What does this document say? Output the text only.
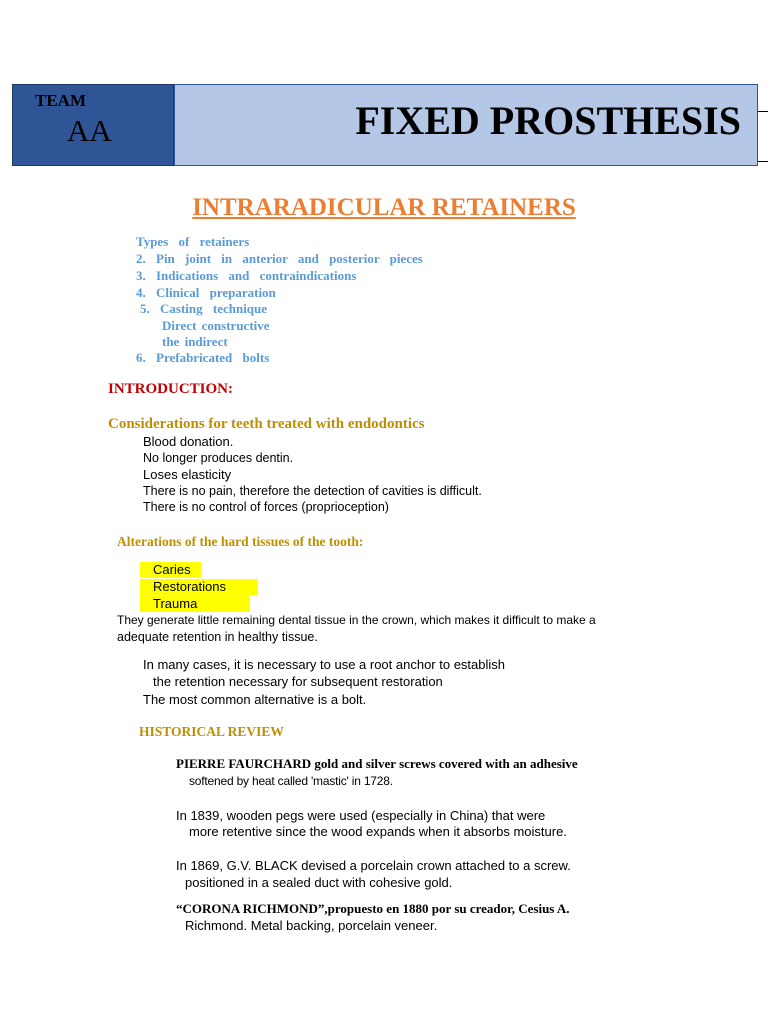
TEAM
AA	FIXED PROSTHESIS
INTRARADICULAR RETAINERS
Types of retainers
2. Pin joint in anterior and posterior pieces
3. Indications and contraindications
4. Clinical preparation
5. Casting technique
Direct constructive
the indirect
6. Prefabricated bolts
INTRODUCTION:
Considerations for teeth treated with endodontics
Blood donation.
No longer produces dentin.
Loses elasticity
There is no pain, therefore the detection of cavities is difficult.
There is no control of forces (proprioception)
Alterations of the hard tissues of the tooth:
Caries
Restorations
Trauma
They generate little remaining dental tissue in the crown, which makes it difficult to make a
adequate retention in healthy tissue.
In many cases, it is necessary to use a root anchor to establish
the retention necessary for subsequent restoration
The most common alternative is a bolt.
HISTORICAL REVIEW
PIERRE FAURCHARD gold and silver screws covered with an adhesive
softened by heat called 'mastic' in 1728.
In 1839, wooden pegs were used (especially in China) that were
more retentive since the wood expands when it absorbs moisture.
In 1869, G.V. BLACK devised a porcelain crown attached to a screw.
positioned in a sealed duct with cohesive gold.
“CORONA RICHMOND”,propuesto en 1880 por su creador, Cesius A.
Richmond. Metal backing, porcelain veneer.
